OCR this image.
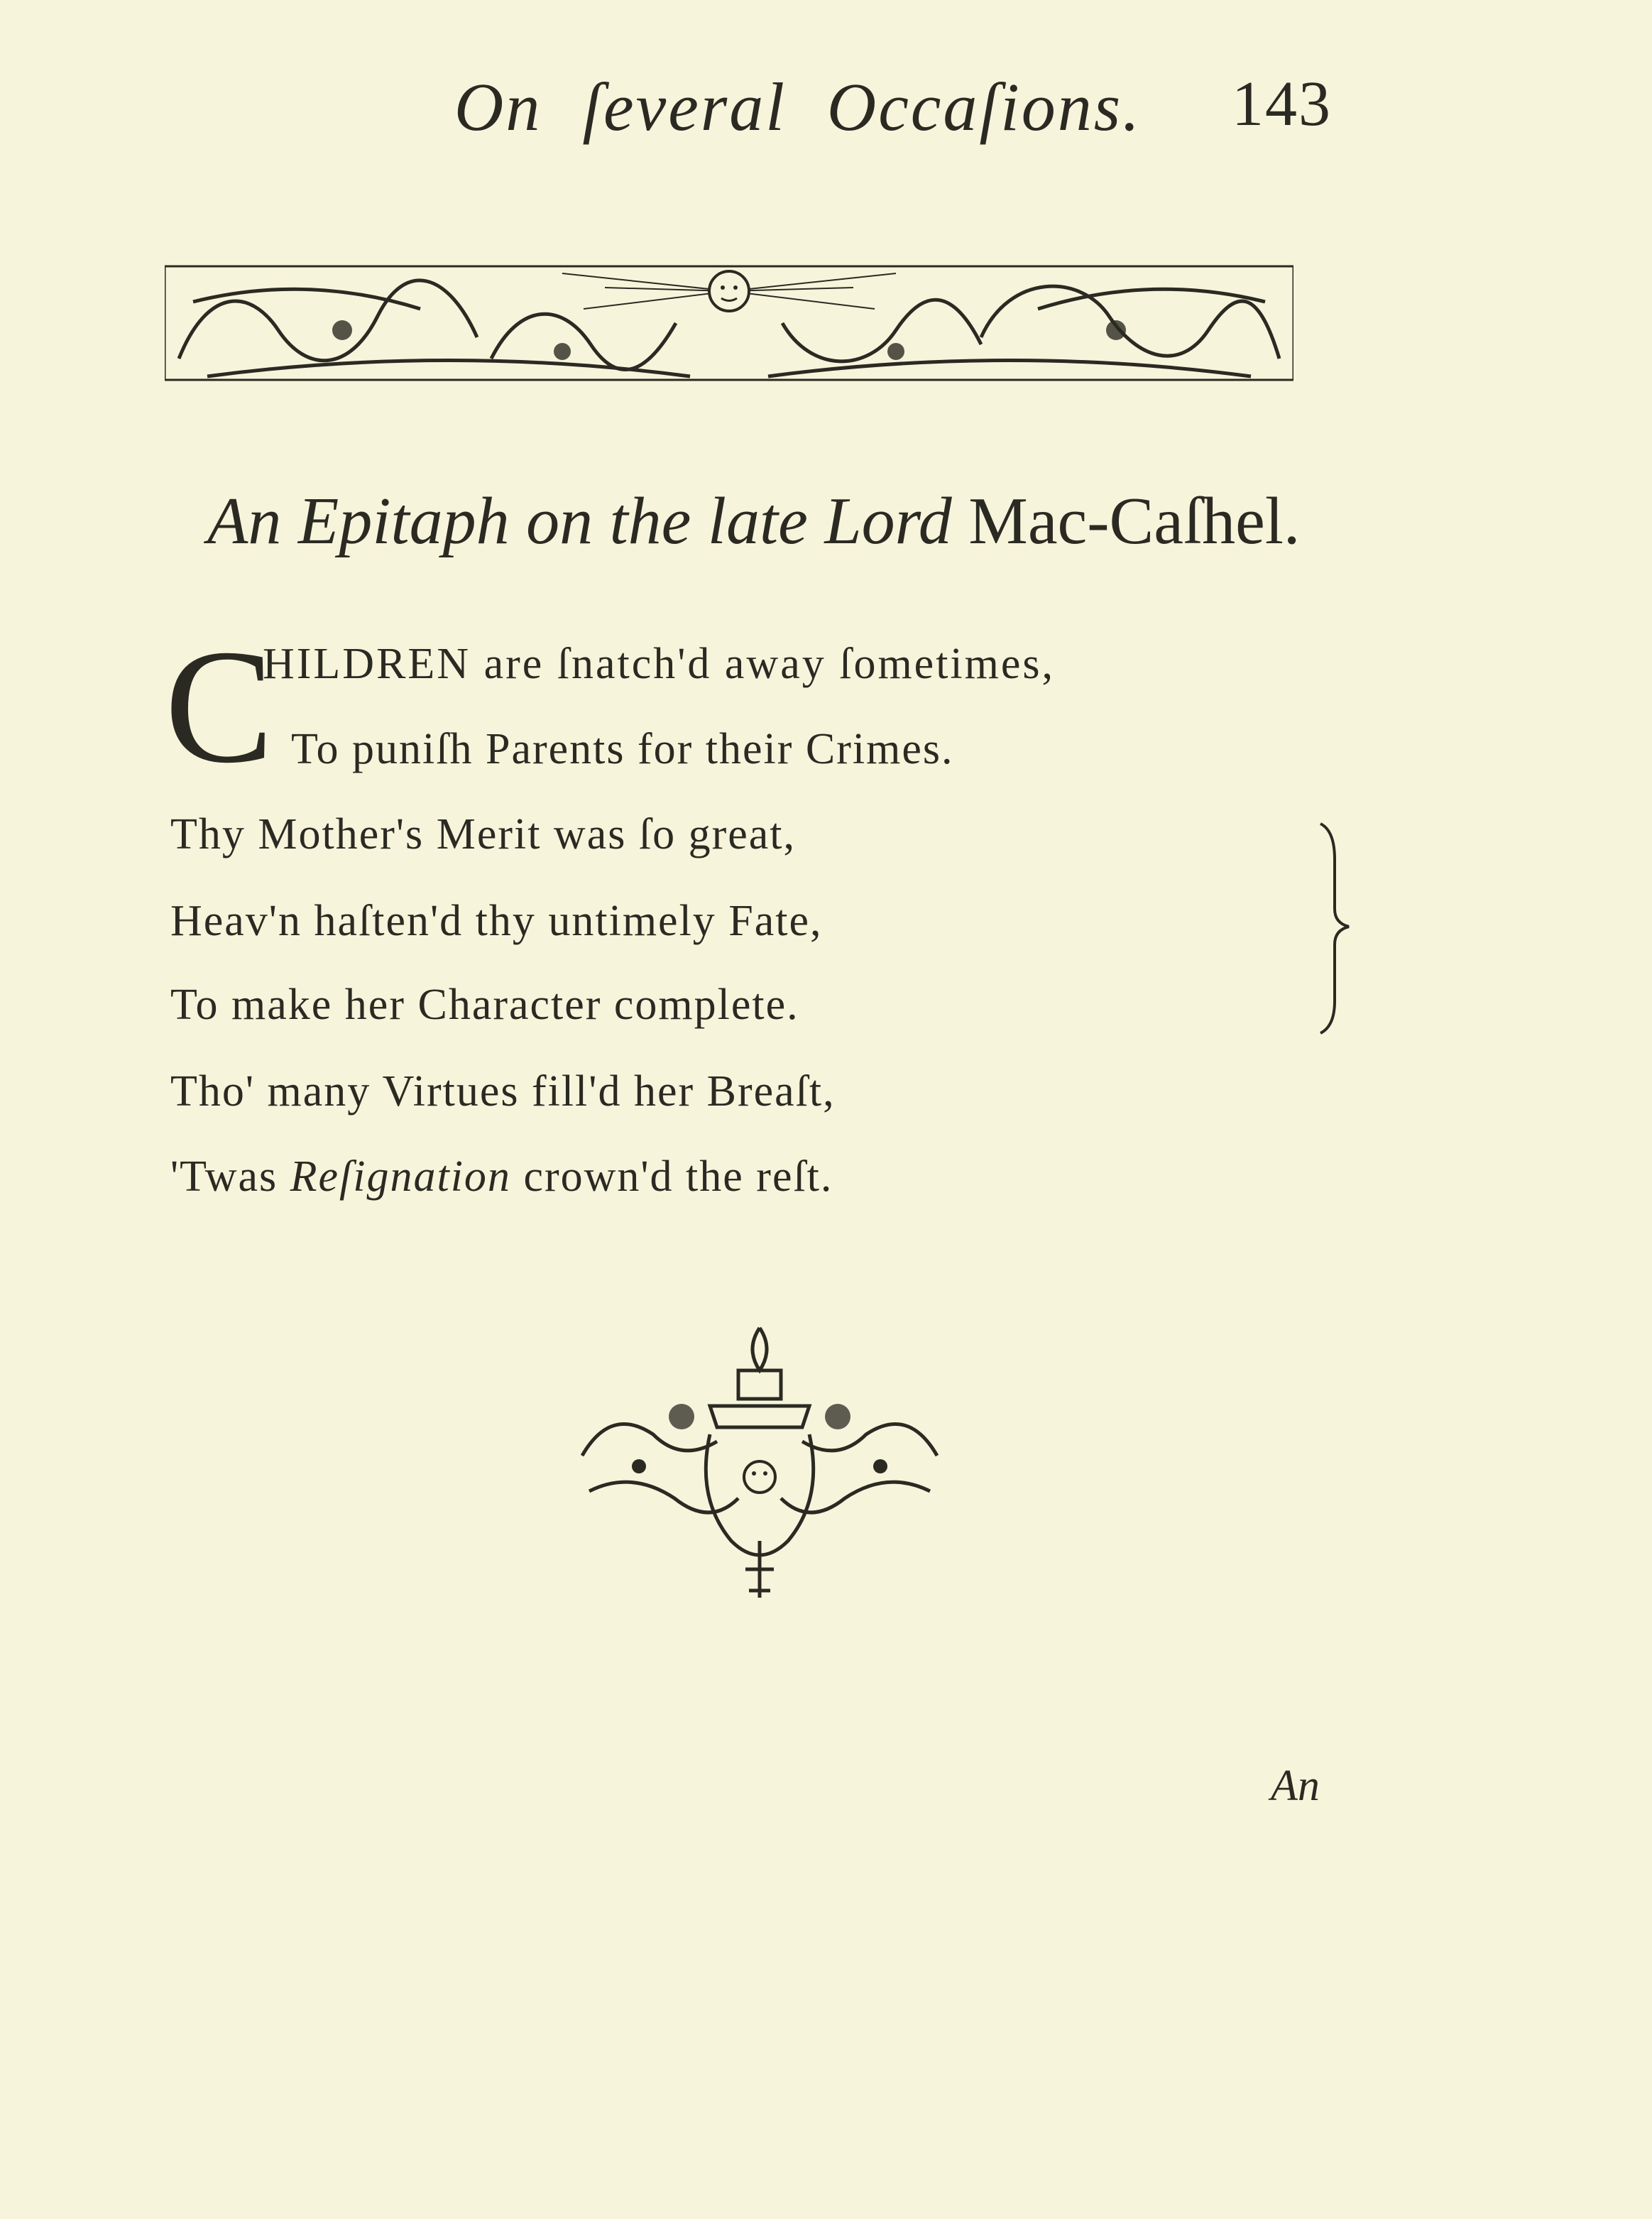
On ſeveral Occaſions. 143
An Epitaph on the late Lord Mac-Caſhel.
C
HILDREN are ſnatch'd away ſometimes,
To puniſh Parents for their Crimes.
Thy Mother's Merit was ſo great,
Heav'n haſten'd thy untimely Fate,
To make her Character complete.
Tho' many Virtues fill'd her Breaſt,
'Twas Reſignation crown'd the reſt.
An
